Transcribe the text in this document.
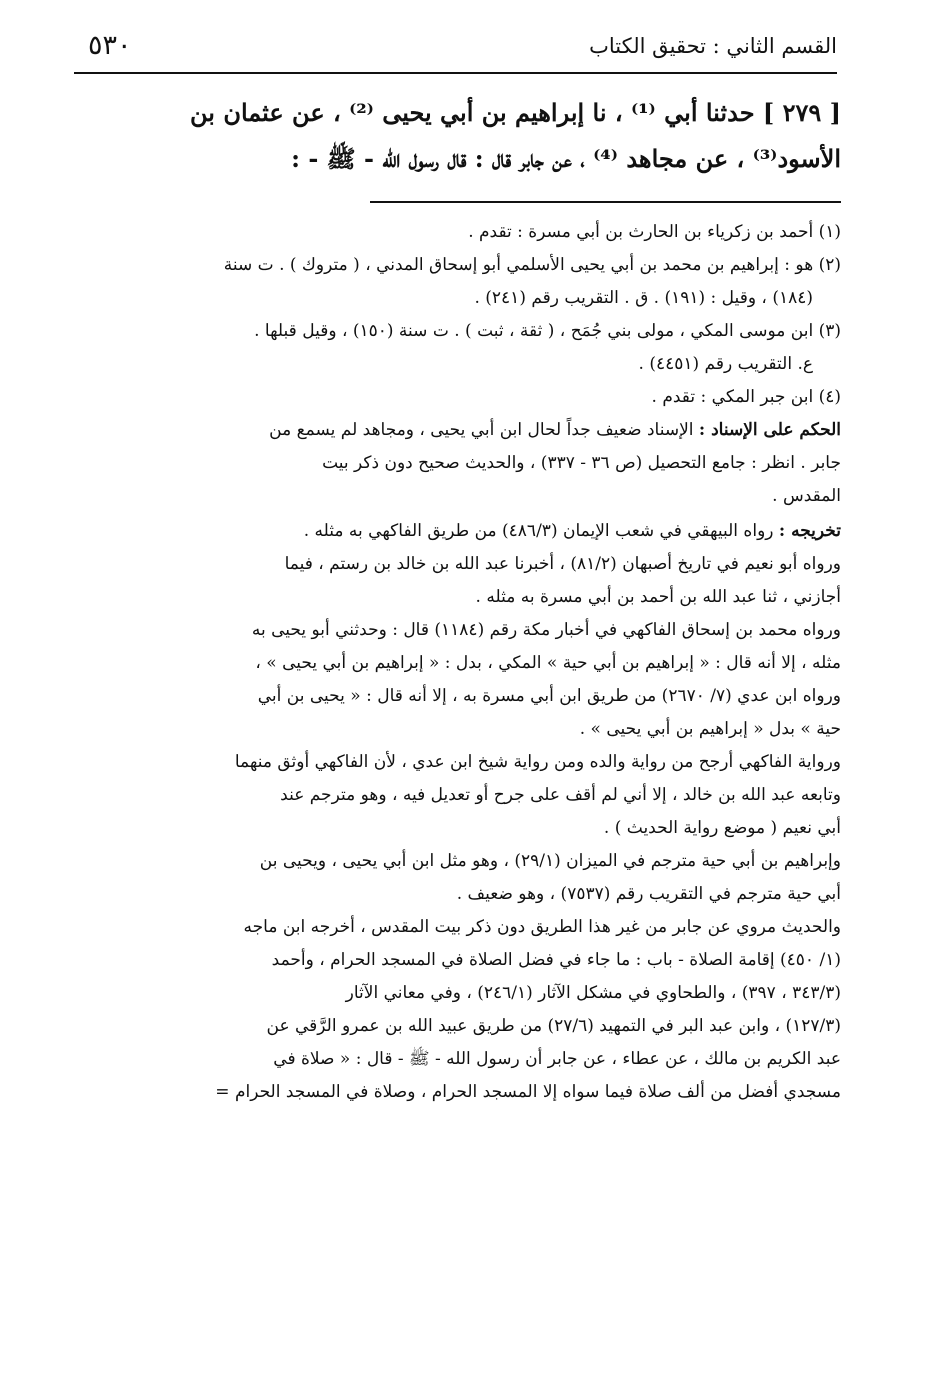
٥٣٠	القسم الثاني : تحقيق الكتاب
[ ٢٧٩ ] حدثنا أبي ⁽¹⁾ ، نا إبراهيم بن أبي يحيى ⁽²⁾ ، عن عثمان بن
الأسود⁽³⁾ ، عن مجاهد ⁽⁴⁾ ، عن جابر قال : قال رسول الله - ﷺ - :
(١) أحمد بن زكرياء بن الحارث بن أبي مسرة : تقدم .
(٢) هو : إبراهيم بن محمد بن أبي يحيى الأسلمي أبو إسحاق المدني ، ( متروك ) . ت سنة
(١٨٤) ، وقيل : (١٩١) . ق . التقريب رقم (٢٤١) .
(٣) ابن موسى المكي ، مولى بني جُمَح ، ( ثقة ، ثبت ) . ت سنة (١٥٠) ، وقيل قبلها .
ع. التقريب رقم (٤٤٥١) .
(٤) ابن جبر المكي : تقدم .
الحكم على الإسناد : الإسناد ضعيف جداً لحال ابن أبي يحيى ، ومجاهد لم يسمع من
جابر . انظر : جامع التحصيل (ص ٣٦ - ٣٣٧) ، والحديث صحيح دون ذكر بيت
المقدس .
تخريجه : رواه البيهقي في شعب الإيمان (٤٨٦/٣) من طريق الفاكهي به مثله .
ورواه أبو نعيم في تاريخ أصبهان (٨١/٢) ، أخبرنا عبد الله بن خالد بن رستم ، فيما
أجازني ، ثنا عبد الله بن أحمد بن أبي مسرة به مثله .
ورواه محمد بن إسحاق الفاكهي في أخبار مكة رقم (١١٨٤) قال : وحدثني أبو يحيى به
مثله ، إلا أنه قال : « إبراهيم بن أبي حية » المكي ، بدل : « إبراهيم بن أبي يحيى » ،
ورواه ابن عدي (٧/ ٢٦٧٠) من طريق ابن أبي مسرة به ، إلا أنه قال : « يحيى بن أبي
حية » بدل « إبراهيم بن أبي يحيى » .
ورواية الفاكهي أرجح من رواية والده ومن رواية شيخ ابن عدي ، لأن الفاكهي أوثق منهما
وتابعه عبد الله بن خالد ، إلا أني لم أقف على جرح أو تعديل فيه ، وهو مترجم عند
أبي نعيم ( موضع رواية الحديث ) .
وإبراهيم بن أبي حية مترجم في الميزان (٢٩/١) ، وهو مثل ابن أبي يحيى ، ويحيى بن
أبي حية مترجم في التقريب رقم (٧٥٣٧) ، وهو ضعيف .
والحديث مروي عن جابر من غير هذا الطريق دون ذكر بيت المقدس ، أخرجه ابن ماجه
(١/ ٤٥٠) إقامة الصلاة - باب : ما جاء في فضل الصلاة في المسجد الحرام ، وأحمد
(٣٤٣/٣ ، ٣٩٧) ، والطحاوي في مشكل الآثار (٢٤٦/١) ، وفي معاني الآثار
(١٢٧/٣) ، وابن عبد البر في التمهيد (٢٧/٦) من طريق عبيد الله بن عمرو الرَّقي عن
عبد الكريم بن مالك ، عن عطاء ، عن جابر أن رسول الله - ﷺ - قال : « صلاة في
مسجدي أفضل من ألف صلاة فيما سواه إلا المسجد الحرام ، وصلاة في المسجد الحرام =
